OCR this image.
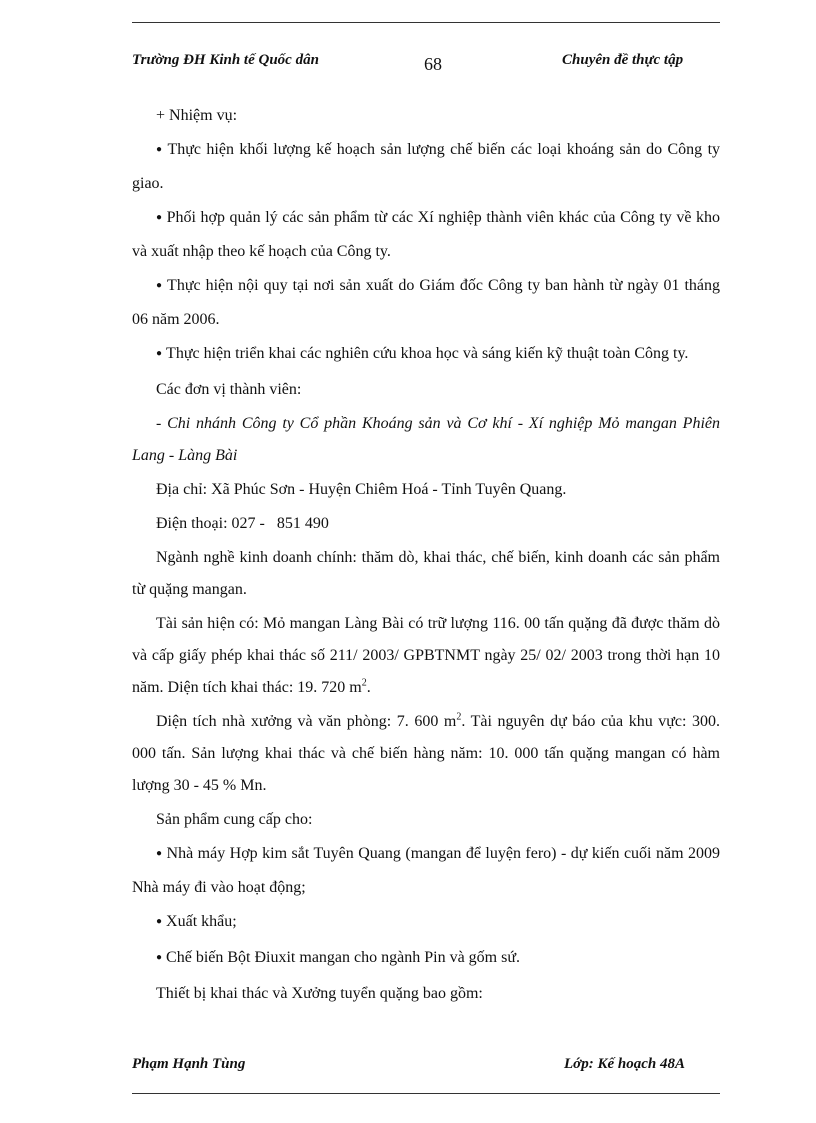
Trường ĐH Kinh tế Quốc dân	68	Chuyên đề thực tập

+ Nhiệm vụ:

● Thực hiện khối lượng kế hoạch sản lượng chế biến các loại khoáng sản do Công ty giao.

● Phối hợp quản lý các sản phẩm từ các Xí nghiệp thành viên khác của Công ty về kho và xuất nhập theo kế hoạch của Công ty.

● Thực hiện nội quy tại nơi sản xuất do Giám đốc Công ty ban hành từ ngày 01 tháng 06 năm 2006.

● Thực hiện triển khai các nghiên cứu khoa học và sáng kiến kỹ thuật toàn Công ty.

Các đơn vị thành viên:

- Chi nhánh Công ty Cổ phần Khoáng sản và Cơ khí - Xí nghiệp Mỏ mangan Phiên Lang - Làng Bài

Địa chỉ: Xã Phúc Sơn - Huyện Chiêm Hoá - Tỉnh Tuyên Quang.

Điện thoại: 027 -   851 490

Ngành nghề kinh doanh chính: thăm dò, khai thác, chế biến, kinh doanh các sản phẩm từ quặng mangan.

Tài sản hiện có: Mỏ mangan Làng Bài có trữ lượng 116. 00 tấn quặng đã được thăm dò và cấp giấy phép khai thác số 211/ 2003/ GPBTNMT ngày 25/ 02/ 2003 trong thời hạn 10 năm. Diện tích khai thác: 19. 720 $m^2$.

Diện tích nhà xưởng và văn phòng: 7. 600 $m^2$. Tài nguyên dự báo của khu vực: 300. 000 tấn. Sản lượng khai thác và chế biến hàng năm: 10. 000 tấn quặng mangan có hàm lượng 30 - 45 % Mn.

Sản phẩm cung cấp cho:

● Nhà máy Hợp kim sắt Tuyên Quang (mangan để luyện fero) - dự kiến cuối năm 2009 Nhà máy đi vào hoạt động;

● Xuất khẩu;

● Chế biến Bột Điuxit mangan cho ngành Pin và gốm sứ.

Thiết bị khai thác và Xưởng tuyển quặng bao gồm:

Phạm Hạnh Tùng	Lớp: Kế hoạch 48A
